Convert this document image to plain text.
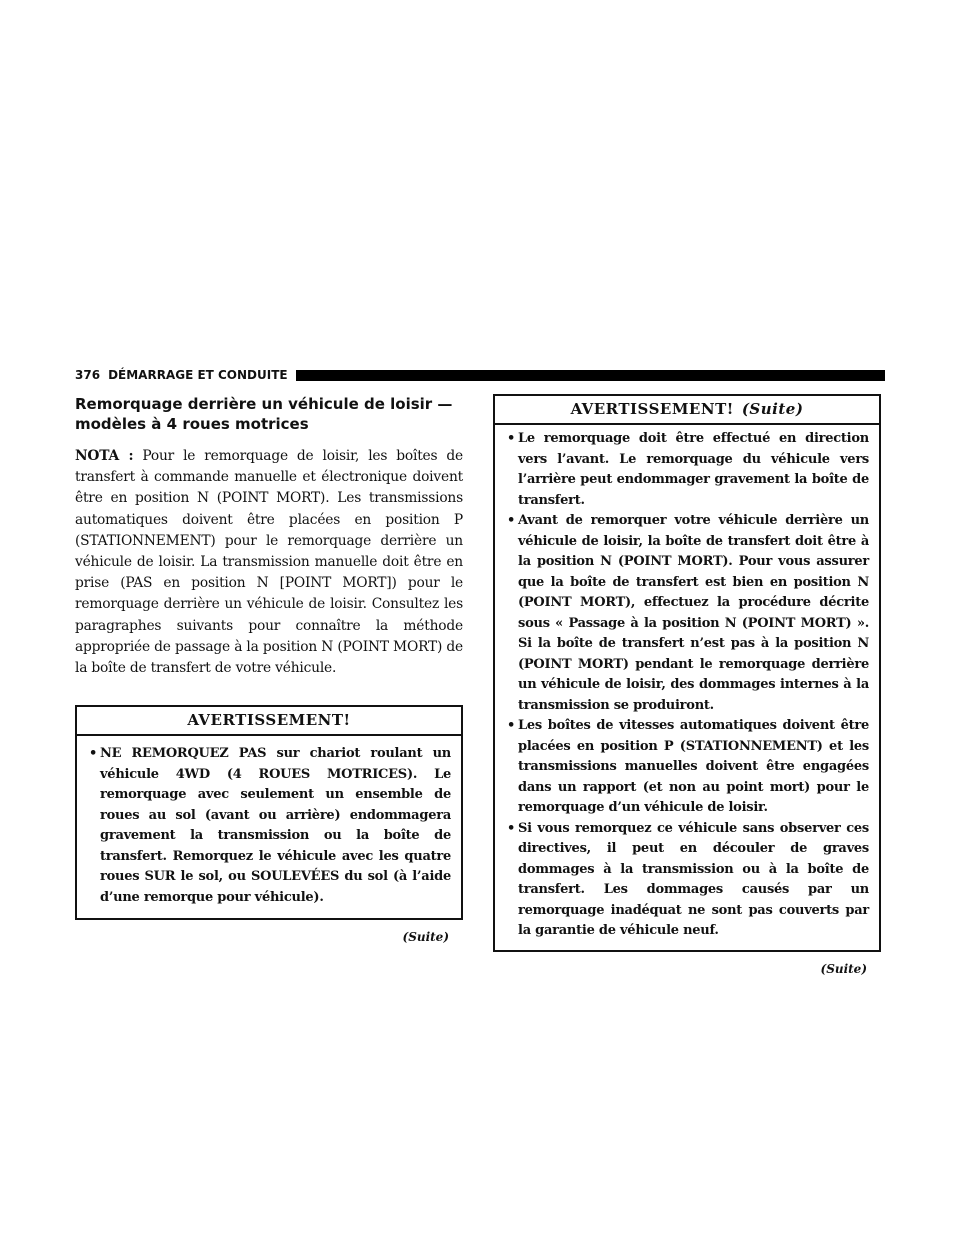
376 DÉMARRAGE ET CONDUITE
Remorquage derrière un véhicule de loisir —
modèles à 4 roues motrices

NOTA : Pour le remorquage de loisir, les boîtes de transfert à commande manuelle et électronique doivent être en position N (POINT MORT). Les transmissions automatiques doivent être placées en position P (STATIONNEMENT) pour le remorquage derrière un véhicule de loisir. La transmission manuelle doit être en prise (PAS en position N [POINT MORT]) pour le remorquage derrière un véhicule de loisir. Consultez les paragraphes suivants pour connaître la méthode appropriée de passage à la position N (POINT MORT) de la boîte de transfert de votre véhicule.

AVERTISSEMENT!

• NE REMORQUEZ PAS sur chariot roulant un véhicule 4WD (4 ROUES MOTRICES). Le remorquage avec seulement un ensemble de roues au sol (avant ou arrière) endommagera gravement la transmission ou la boîte de transfert. Remorquez le véhicule avec les quatre roues SUR le sol, ou SOULEVÉES du sol (à l’aide d’une remorque pour véhicule).

(Suite)
AVERTISSEMENT! (Suite)

• Le remorquage doit être effectué en direction vers l’avant. Le remorquage du véhicule vers l’arrière peut endommager gravement la boîte de transfert.

• Avant de remorquer votre véhicule derrière un véhicule de loisir, la boîte de transfert doit être à la position N (POINT MORT). Pour vous assurer que la boîte de transfert est bien en position N (POINT MORT), effectuez la procédure décrite sous « Passage à la position N (POINT MORT) ». Si la boîte de transfert n’est pas à la position N (POINT MORT) pendant le remorquage derrière un véhicule de loisir, des dommages internes à la transmission se produiront.

• Les boîtes de vitesses automatiques doivent être placées en position P (STATIONNEMENT) et les transmissions manuelles doivent être engagées dans un rapport (et non au point mort) pour le remorquage d’un véhicule de loisir.

• Si vous remorquez ce véhicule sans observer ces directives, il peut en découler de graves dommages à la transmission ou à la boîte de transfert. Les dommages causés par un remorquage inadéquat ne sont pas couverts par la garantie de véhicule neuf.

(Suite)
